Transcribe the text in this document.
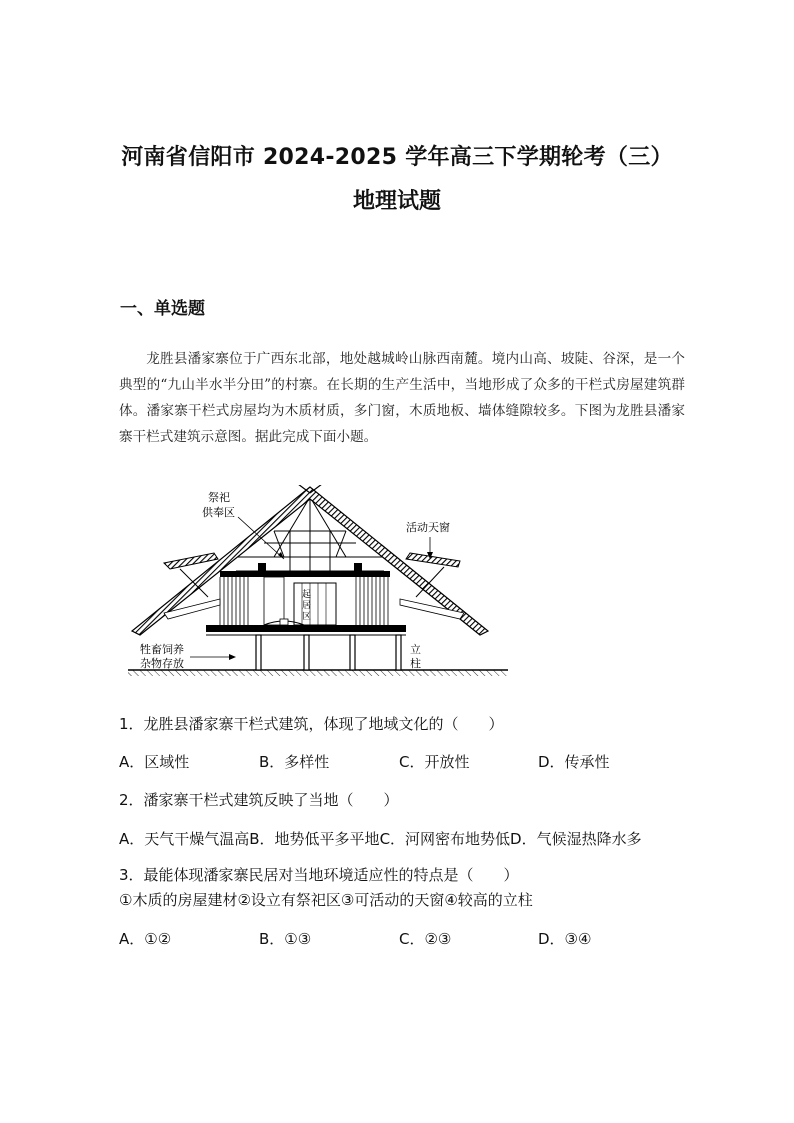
河南省信阳市 2024-2025 学年高三下学期轮考（三）
地理试题
一、单选题
龙胜县潘家寨位于广西东北部，地处越城岭山脉西南麓。境内山高、坡陡、谷深，是一个典型的“九山半水半分田”的村寨。在长期的生产生活中，当地形成了众多的干栏式房屋建筑群体。潘家寨干栏式房屋均为木质材质，多门窗，木质地板、墙体缝隙较多。下图为龙胜县潘家寨干栏式建筑示意图。据此完成下面小题。
祭祀
供奉区
活动天窗
起
居
区
牲畜饲养
杂物存放
立
柱
1．龙胜县潘家寨干栏式建筑，体现了地域文化的（　　）
A．区域性	B．多样性	C．开放性	D．传承性
2．潘家寨干栏式建筑反映了当地（　　）
A．天气干燥气温高B．地势低平多平地C．河网密布地势低D．气候湿热降水多
3．最能体现潘家寨民居对当地环境适应性的特点是（　　）
①木质的房屋建材②设立有祭祀区③可活动的天窗④较高的立柱
A．①②	B．①③	C．②③	D．③④
